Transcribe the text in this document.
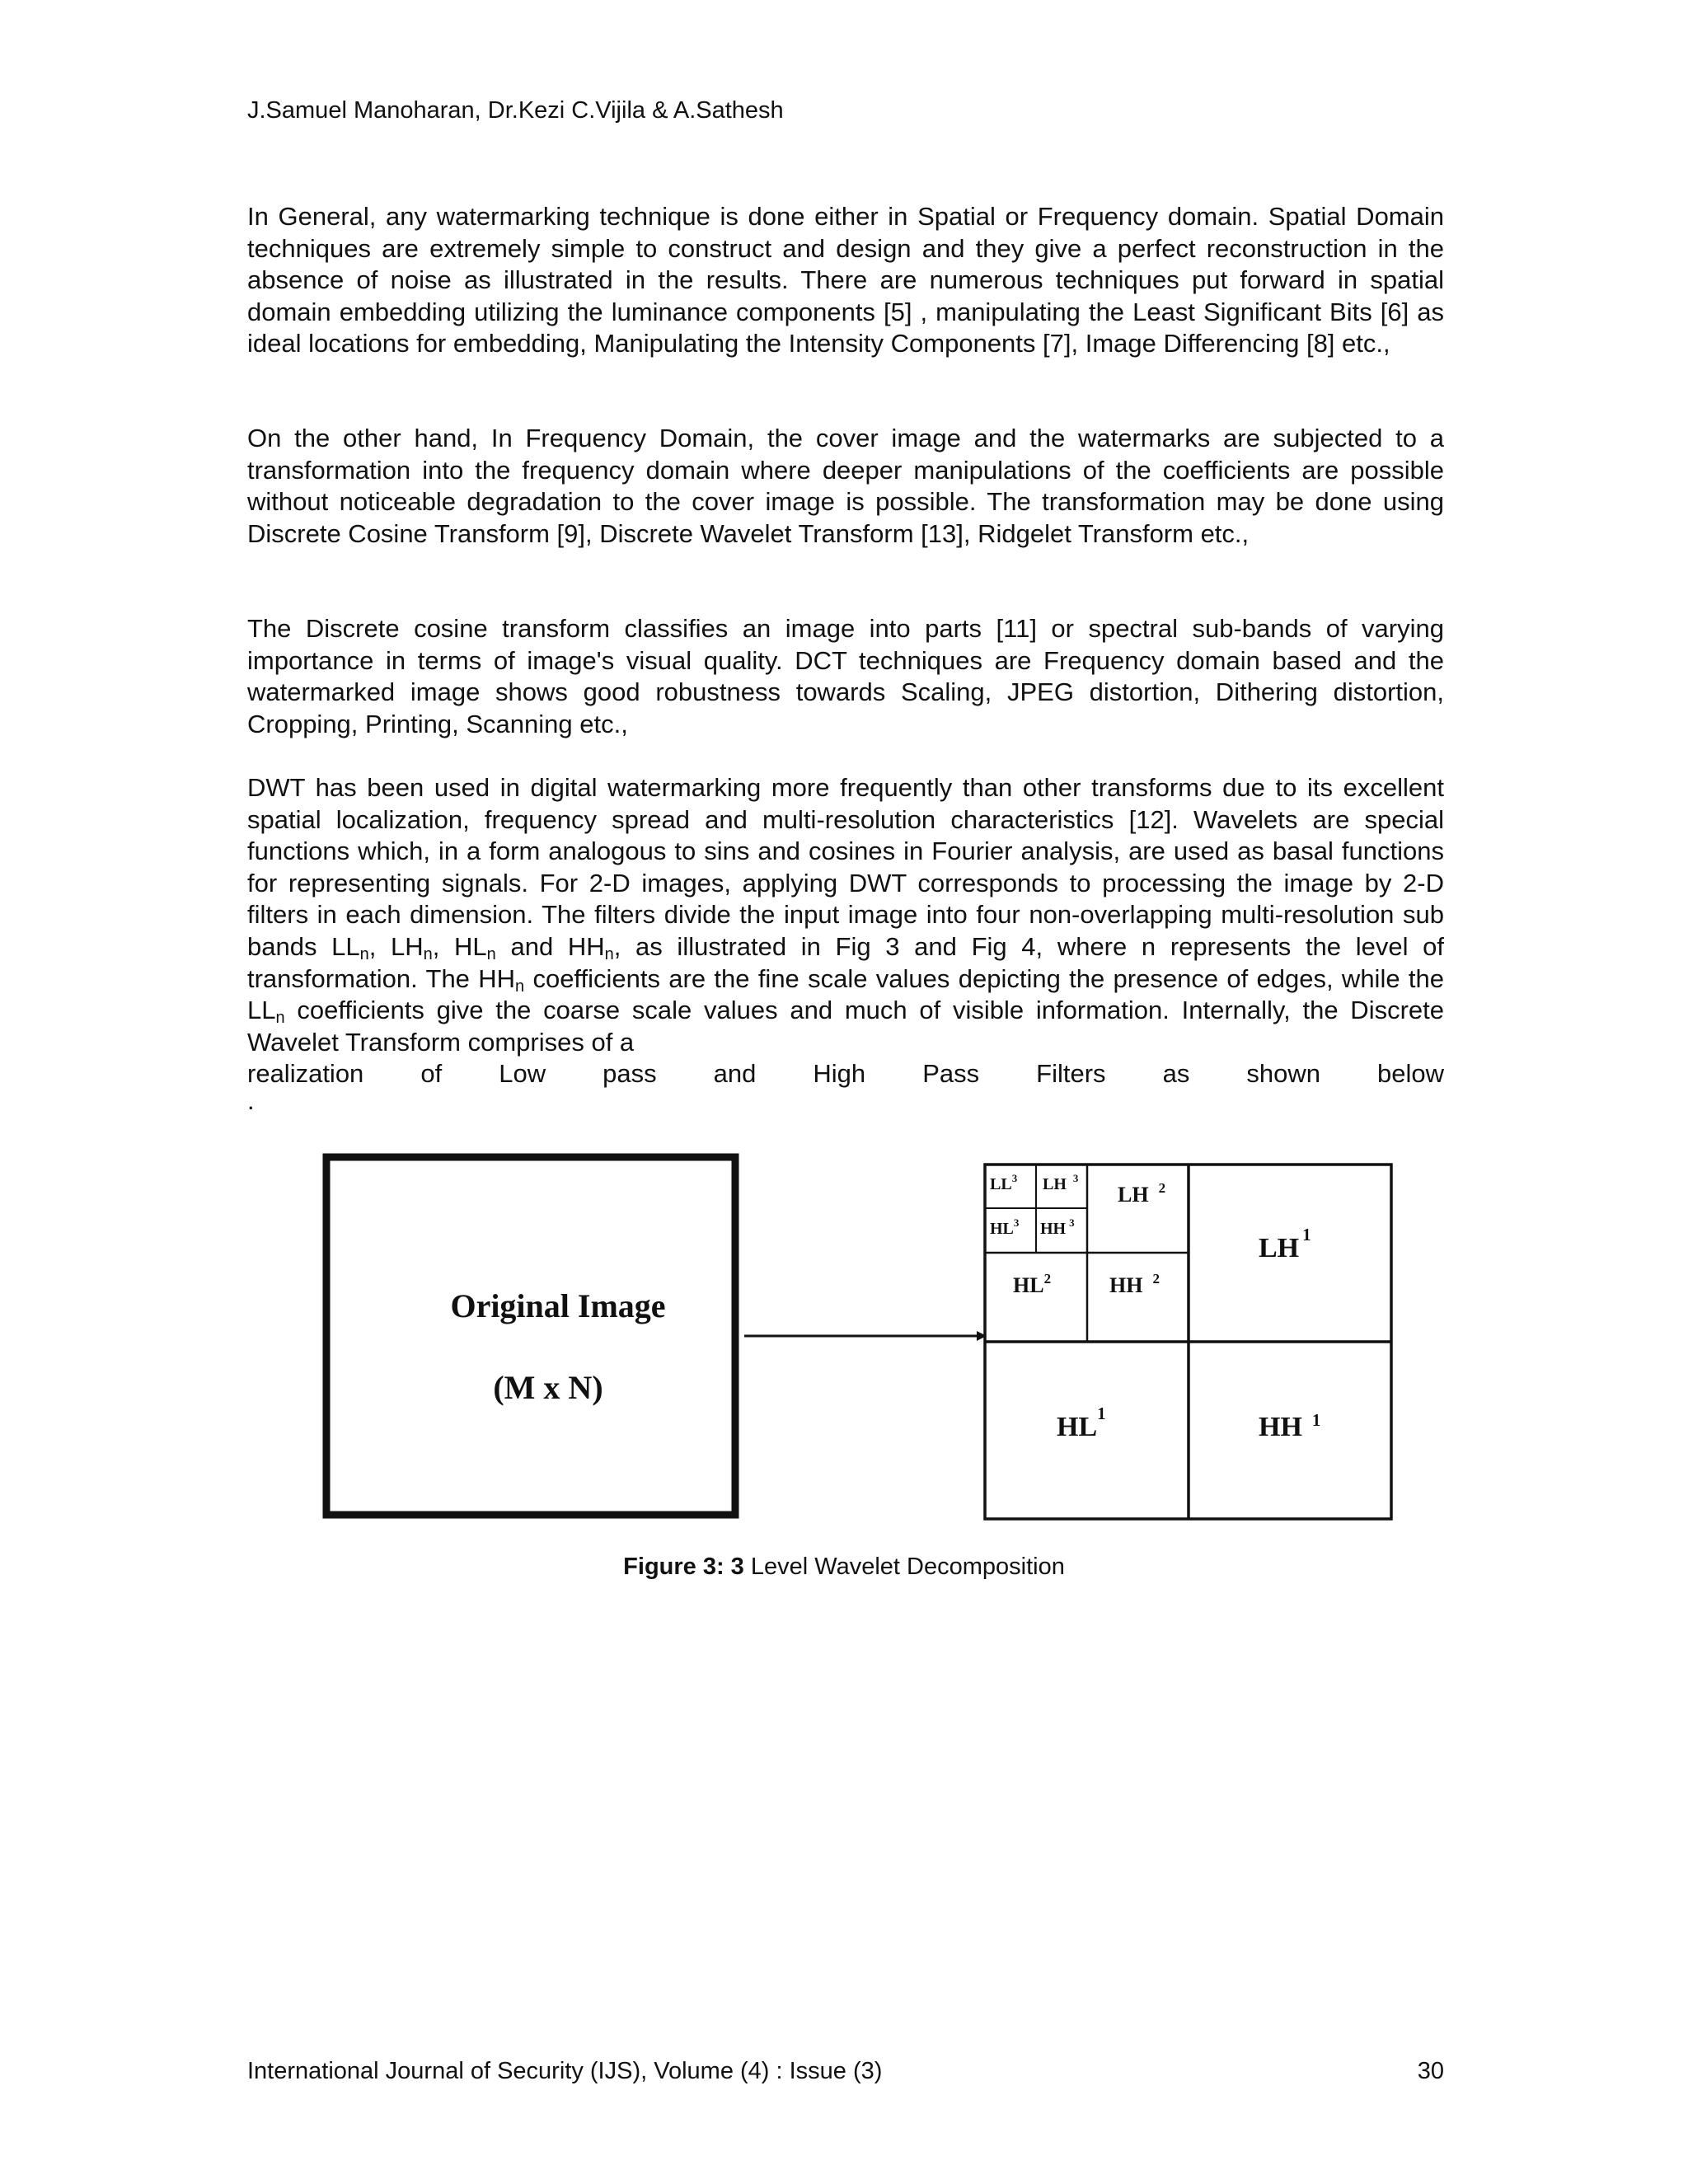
J.Samuel Manoharan, Dr.Kezi C.Vijila & A.Sathesh

In General, any watermarking technique is done either in Spatial or Frequency domain. Spatial Domain techniques are extremely simple to construct and design and they give a perfect reconstruction in the absence of noise as illustrated in the results. There are numerous techniques put forward in spatial domain embedding utilizing the luminance components [5] , manipulating the Least Significant Bits [6] as ideal locations for embedding, Manipulating the Intensity Components [7], Image Differencing [8] etc.,

On the other hand, In Frequency Domain, the cover image and the watermarks are subjected to a transformation into the frequency domain where deeper manipulations of the coefficients are possible without noticeable degradation to the cover image is possible. The transformation may be done using Discrete Cosine Transform [9], Discrete Wavelet Transform [13], Ridgelet Transform etc.,

The Discrete cosine transform classifies an image into parts [11] or spectral sub-bands of varying importance in terms of image's visual quality. DCT techniques are Frequency domain based and the watermarked image shows good robustness towards Scaling, JPEG distortion, Dithering distortion, Cropping, Printing, Scanning etc.,

DWT has been used in digital watermarking more frequently than other transforms due to its excellent spatial localization, frequency spread and multi-resolution characteristics [12]. Wavelets are special functions which, in a form analogous to sins and cosines in Fourier analysis, are used as basal functions for representing signals. For 2-D images, applying DWT corresponds to processing the image by 2-D filters in each dimension. The filters divide the input image into four non-overlapping multi-resolution sub bands $LL_n$, $LH_n$, $HL_n$ and $HH_n$, as illustrated in Fig 3 and Fig 4, where n represents the level of transformation. The $HH_n$ coefficients are the fine scale values depicting the presence of edges, while the $LL_n$ coefficients give the coarse scale values and much of visible information. Internally, the Discrete Wavelet Transform comprises of a
realization of Low pass and High Pass Filters as shown below

.
Original Image
(M x N)
$LL^3$ LH $^3$
$HL^3$ HH $^3$
LH $^2$
$HL^2$	HH $^2$
LH $^1$
$HL^1$	HH $^1$
Figure 3: 3 Level Wavelet Decomposition
International Journal of Security (IJS), Volume (4) : Issue (3)	30
